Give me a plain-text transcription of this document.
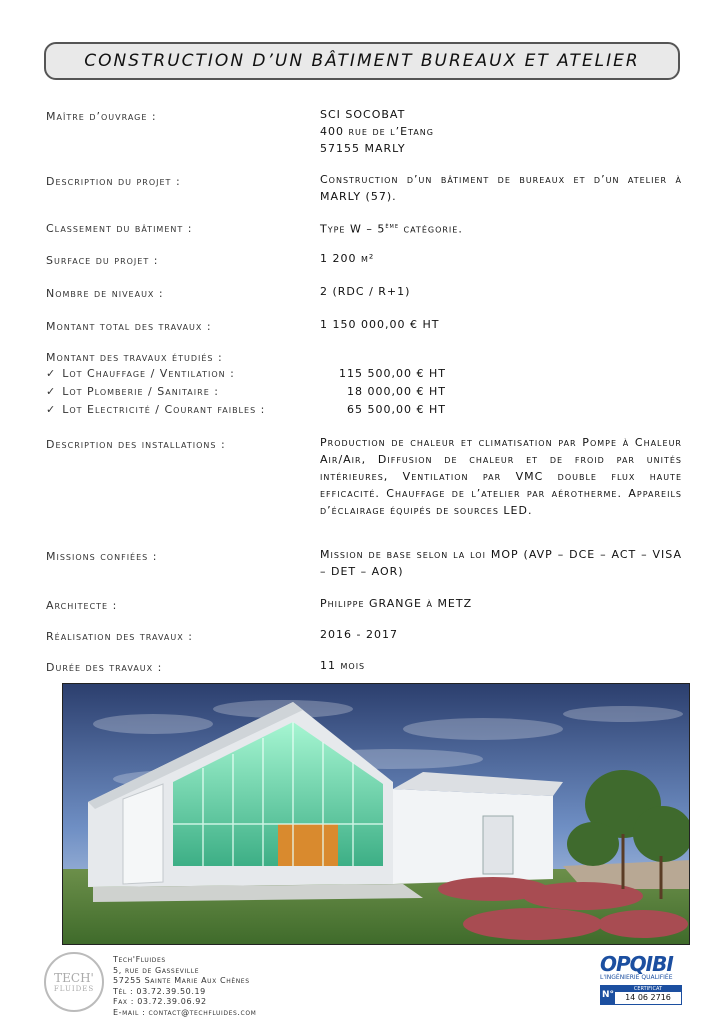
CONSTRUCTION D’UN BÂTIMENT BUREAUX ET ATELIER
Maître d’ouvrage :	SCI SOCOBAT
400 rue de l’Etang
57155 MARLY
Description du projet :	Construction d’un bâtiment de bureaux et d’un atelier à MARLY (57).
Classement du bâtiment :	Type W – 5ème catégorie.
Surface du projet :	1 200 m²
Nombre de niveaux :	2 (RDC / R+1)
Montant total des travaux :	1 150 000,00 € HT
Montant des travaux étudiés :
✓ Lot Chauffage / Ventilation :	115 500,00 € HT
✓ Lot Plomberie / Sanitaire :	18 000,00 € HT
✓ Lot Electricité / Courant faibles :	65 500,00 € HT
Description des installations :	Production de chaleur et climatisation par Pompe à Chaleur Air/Air, Diffusion de chaleur et de froid par unités intérieures, Ventilation par VMC double flux haute efficacité. Chauffage de l’atelier par aérotherme. Appareils d’éclairage équipés de sources LED.
Missions confiées :	Mission de base selon la loi MOP (AVP – DCE – ACT – VISA – DET – AOR)
Architecte :	Philippe GRANGE à METZ
Réalisation des travaux :	2016 - 2017
Durée des travaux :	11 mois
TECH'
FLUIDES
Tech'Fluides
5, rue de Gasseville
57255 Sainte Marie Aux Chênes
Tél : 03.72.39.50.19
Fax : 03.72.39.06.92
E-mail : contact@techfluides.com
OPQIBI
L'INGÉNIERIE QUALIFIÉE
N°
CERTIFICAT
14 06 2716
